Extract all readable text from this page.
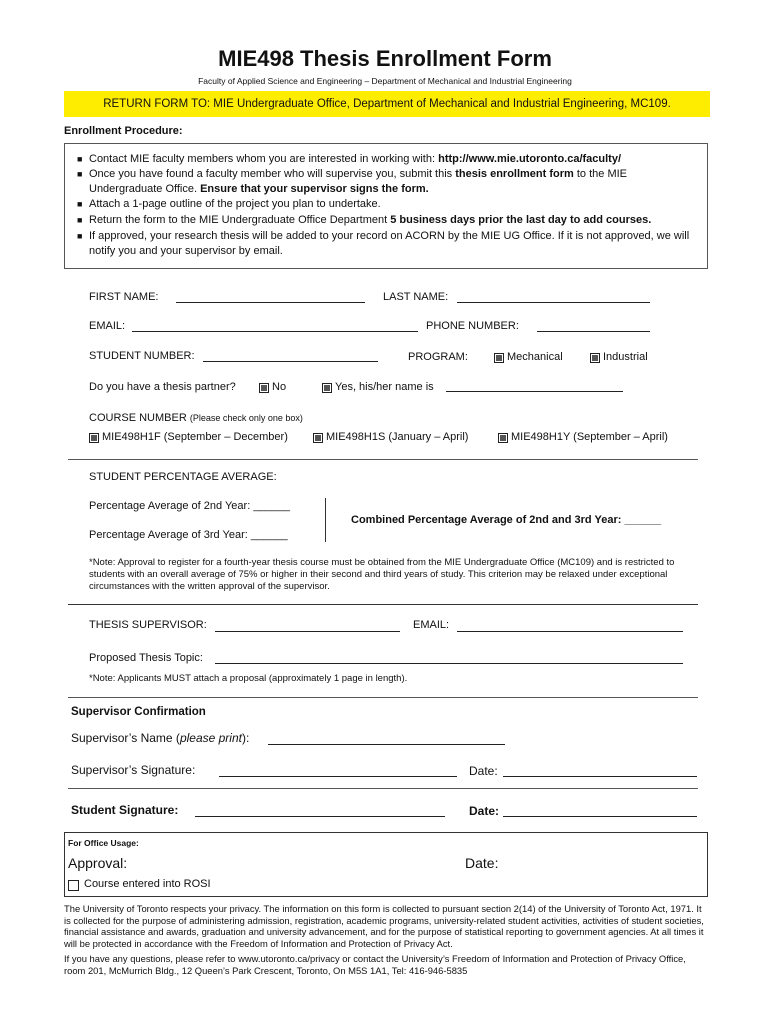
MIE498 Thesis Enrollment Form
Faculty of Applied Science and Engineering – Department of Mechanical and Industrial Engineering
RETURN FORM TO: MIE Undergraduate Office, Department of Mechanical and Industrial Engineering, MC109.
Enrollment Procedure:
■ Contact MIE faculty members whom you are interested in working with: http://www.mie.utoronto.ca/faculty/
■ Once you have found a faculty member who will supervise you, submit this thesis enrollment form to the MIE Undergraduate Office. Ensure that your supervisor signs the form.
■ Attach a 1-page outline of the project you plan to undertake.
■ Return the form to the MIE Undergraduate Office Department 5 business days prior the last day to add courses.
■ If approved, your research thesis will be added to your record on ACORN by the MIE UG Office. If it is not approved, we will notify you and your supervisor by email.
FIRST NAME:	LAST NAME:
EMAIL:	PHONE NUMBER:
STUDENT NUMBER:	PROGRAM:	Mechanical	Industrial
Do you have a thesis partner?	No	Yes, his/her name is
COURSE NUMBER (Please check only one box)
MIE498H1F (September – December)	MIE498H1S (January – April)	MIE498H1Y (September – April)
STUDENT PERCENTAGE AVERAGE:
Percentage Average of 2nd Year: ______
Percentage Average of 3rd Year: ______
Combined Percentage Average of 2nd and 3rd Year: ______
*Note: Approval to register for a fourth-year thesis course must be obtained from the MIE Undergraduate Office (MC109) and is restricted to students with an overall average of 75% or higher in their second and third years of study. This criterion may be relaxed under exceptional circumstances with the written approval of the supervisor.
THESIS SUPERVISOR:	EMAIL:
Proposed Thesis Topic:
*Note: Applicants MUST attach a proposal (approximately 1 page in length).
Supervisor Confirmation
Supervisor’s Name (please print):
Supervisor’s Signature:	Date:
Student Signature:	Date:
For Office Usage:
Approval:	Date:
Course entered into ROSI
The University of Toronto respects your privacy. The information on this form is collected to pursuant section 2(14) of the University of Toronto Act, 1971. It is collected for the purpose of administering admission, registration, academic programs, university-related student activities, activities of student societies, financial assistance and awards, graduation and university advancement, and for the purpose of statistical reporting to government agencies. At all times it will be protected in accordance with the Freedom of Information and Protection of Privacy Act.
If you have any questions, please refer to www.utoronto.ca/privacy or contact the University’s Freedom of Information and Protection of Privacy Office, room 201, McMurrich Bldg., 12 Queen’s Park Crescent, Toronto, On M5S 1A1, Tel: 416-946-5835
